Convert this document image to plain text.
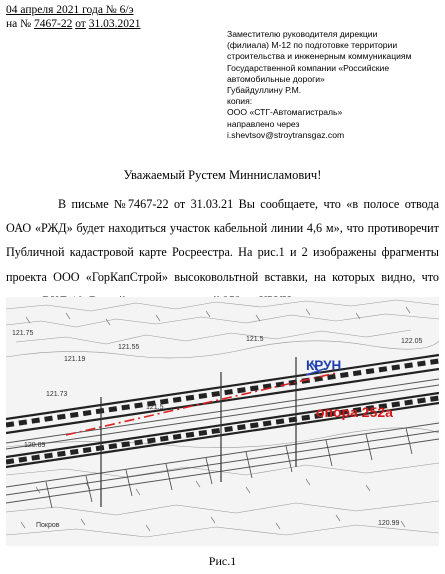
04 апреля 2021 года № 6/э
на № 7467-22 от 31.03.2021
Заместителю руководителя дирекции
(филиала) М-12 по подготовке территории
строительства и инженерным коммуникациям
Государственной компании «Российские
автомобильные дороги»
Губайдуллину Р.М.
копия:
ООО «СТГ-Автомагистраль»
направлено через
i.shevtsov@stroytransgaz.com
Уважаемый Рустем Миннисламович!
В письме №7467-22 от 31.03.21 Вы сообщаете, что «в полосе отвода ОАО «РЖД» будет находиться участок кабельной линии 4,6 м», что противоречит Публичной кадастровой карте Росреестра. На рис.1 и 2 изображены фрагменты проекта ООО «ГорКапСтрой» высоковольтной вставки, на которых видно, что
121.75
121.19
121.55
121.73
121.5
121.5	122.05
120.89
120.99
Покров
КРУН
опора 252а
Рис.1
